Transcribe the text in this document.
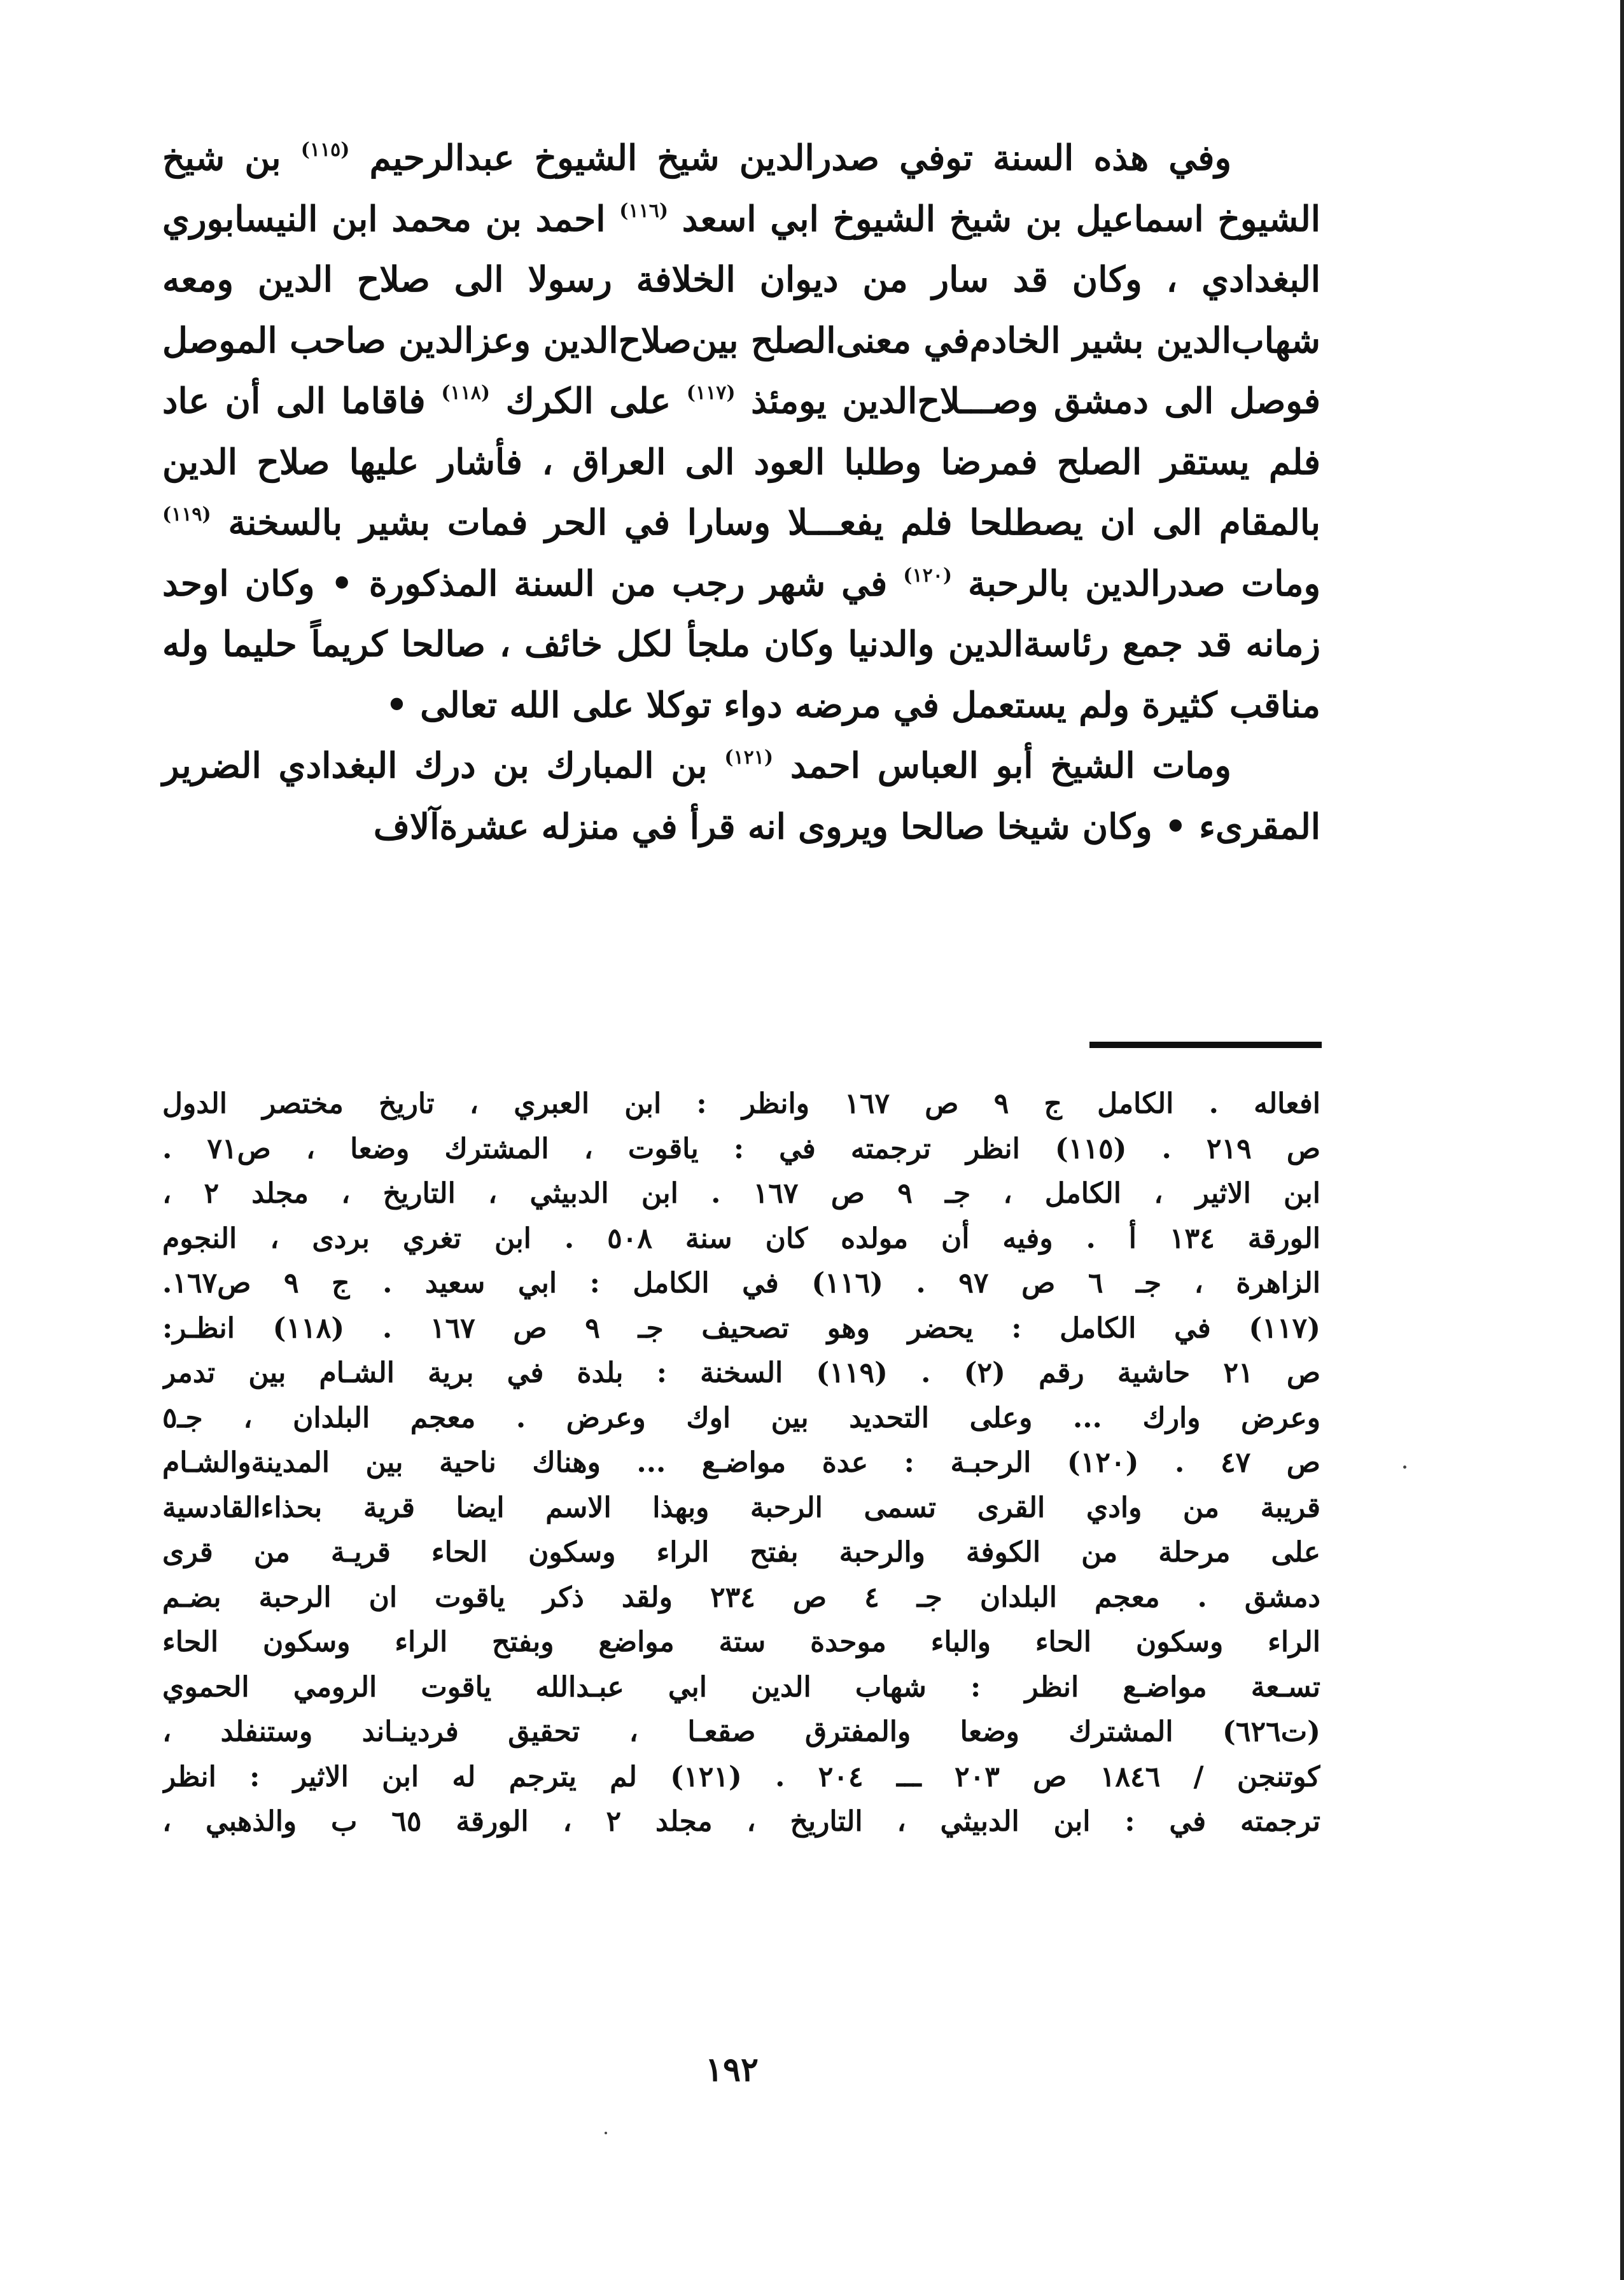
وفي هذه السنة توفي صدرالدين شيخ الشيوخ عبدالرحيم $^{(١١٥)}$ بن شيخ الشيوخ اسماعيل بن شيخ الشيوخ ابي اسعد $^{(١١٦)}$ احمد بن محمد ابن النيسابوري البغدادي ، وكان قد سار من ديوان الخلافة رسولا الى صلاح الدين ومعه شهاب‌الدين بشير الخادم‌في معنى‌الصلح بين‌صلاح‌الدين وعزالدين صاحب الموصل فوصل الى دمشق وصـــلاح‌الدين يومئذ $^{(١١٧)}$ على الكرك $^{(١١٨)}$ فاقاما الى أن عاد فلم يستقر الصلح فمرضا وطلبا العود الى العراق ، فأشار عليها صلاح الدين بالمقام الى ان يصطلحا فلم يفعـــلا وسارا في الحر فمات بشير بالسخنة $^{(١١٩)}$ ومات صدرالدين بالرحبة $^{(١٢٠)}$ في شهر رجب من السنة المذكورة • وكان اوحد زمانه قد جمع رئاسةالدين والدنيا وكان ملجأ لكل خائف ، صالحا كريماً حليما وله مناقب كثيرة ولم يستعمل في مرضه دواء توكلا على الله تعالى •

ومات الشيخ أبو العباس احمد $^{(١٢١)}$ بن المبارك بن درك البغدادي الضرير المقرىء • وكان شيخا صالحا ويروى انه قرأ في منزله عشرةآلاف

افعاله . الكامل ج ٩ ص ١٦٧ وانظر : ابن العبري ، تاريخ مختصر الدول
ص ٢١٩ . (١١٥) انظر ترجمته في : ياقوت ، المشترك وضعا ، ص٧١ .
ابن الاثير ، الكامل ، جـ ٩ ص ١٦٧ . ابن الدبيثي ، التاريخ ، مجلد ٢ ،
الورقة ١٣٤ أ . وفيه أن مولده كان سنة ٥٠٨ . ابن تغري بردى ، النجوم
الزاهرة ، جـ ٦ ص ٩٧ . (١١٦) في الكامل : ابي سعيد . ج ٩ ص١٦٧.
(١١٧) في الكامل : يحضر وهو تصحيف جـ ٩ ص ١٦٧ . (١١٨) انظـر:
ص ٢١ حاشية رقم (٢) . (١١٩) السخنة : بلدة في برية الشـام بين تدمر
وعرض وارك ... وعلى التحديد بين اوك وعرض . معجم البلدان ، جـ٥
ص ٤٧ . (١٢٠) الرحبـة : عدة مواضـع ... وهناك ناحية بين المدينةوالشـام
قريبة من وادي القرى تسمى الرحبة وبهذا الاسم ايضا قرية بحذاءالقادسية
على مرحلة من الكوفة والرحبة بفتح الراء وسكون الحاء قريـة من قرى
دمشق . معجم البلدان جـ ٤ ص ٢٣٤ ولقد ذكر ياقوت ان الرحبة بضـم
الراء وسكون الحاء والباء موحدة ستة مواضع وبفتح الراء وسكون الحاء
تسـعة مواضـع انظر : شهاب الدين ابي عبـدالله ياقوت الرومي الحموي
(ت٦٢٦) المشترك وضعا والمفترق صقعـا ، تحقيق فردينـاند وستنفلد ،
كوتنجن / ١٨٤٦ ص ٢٠٣ ـــ ٢٠٤ . (١٢١) لم يترجم له ابن الاثير : انظر
ترجمته في : ابن الدبيثي ، التاريخ ، مجلد ٢ ، الورقة ٦٥ ب والذهبي ،
١٩٢
